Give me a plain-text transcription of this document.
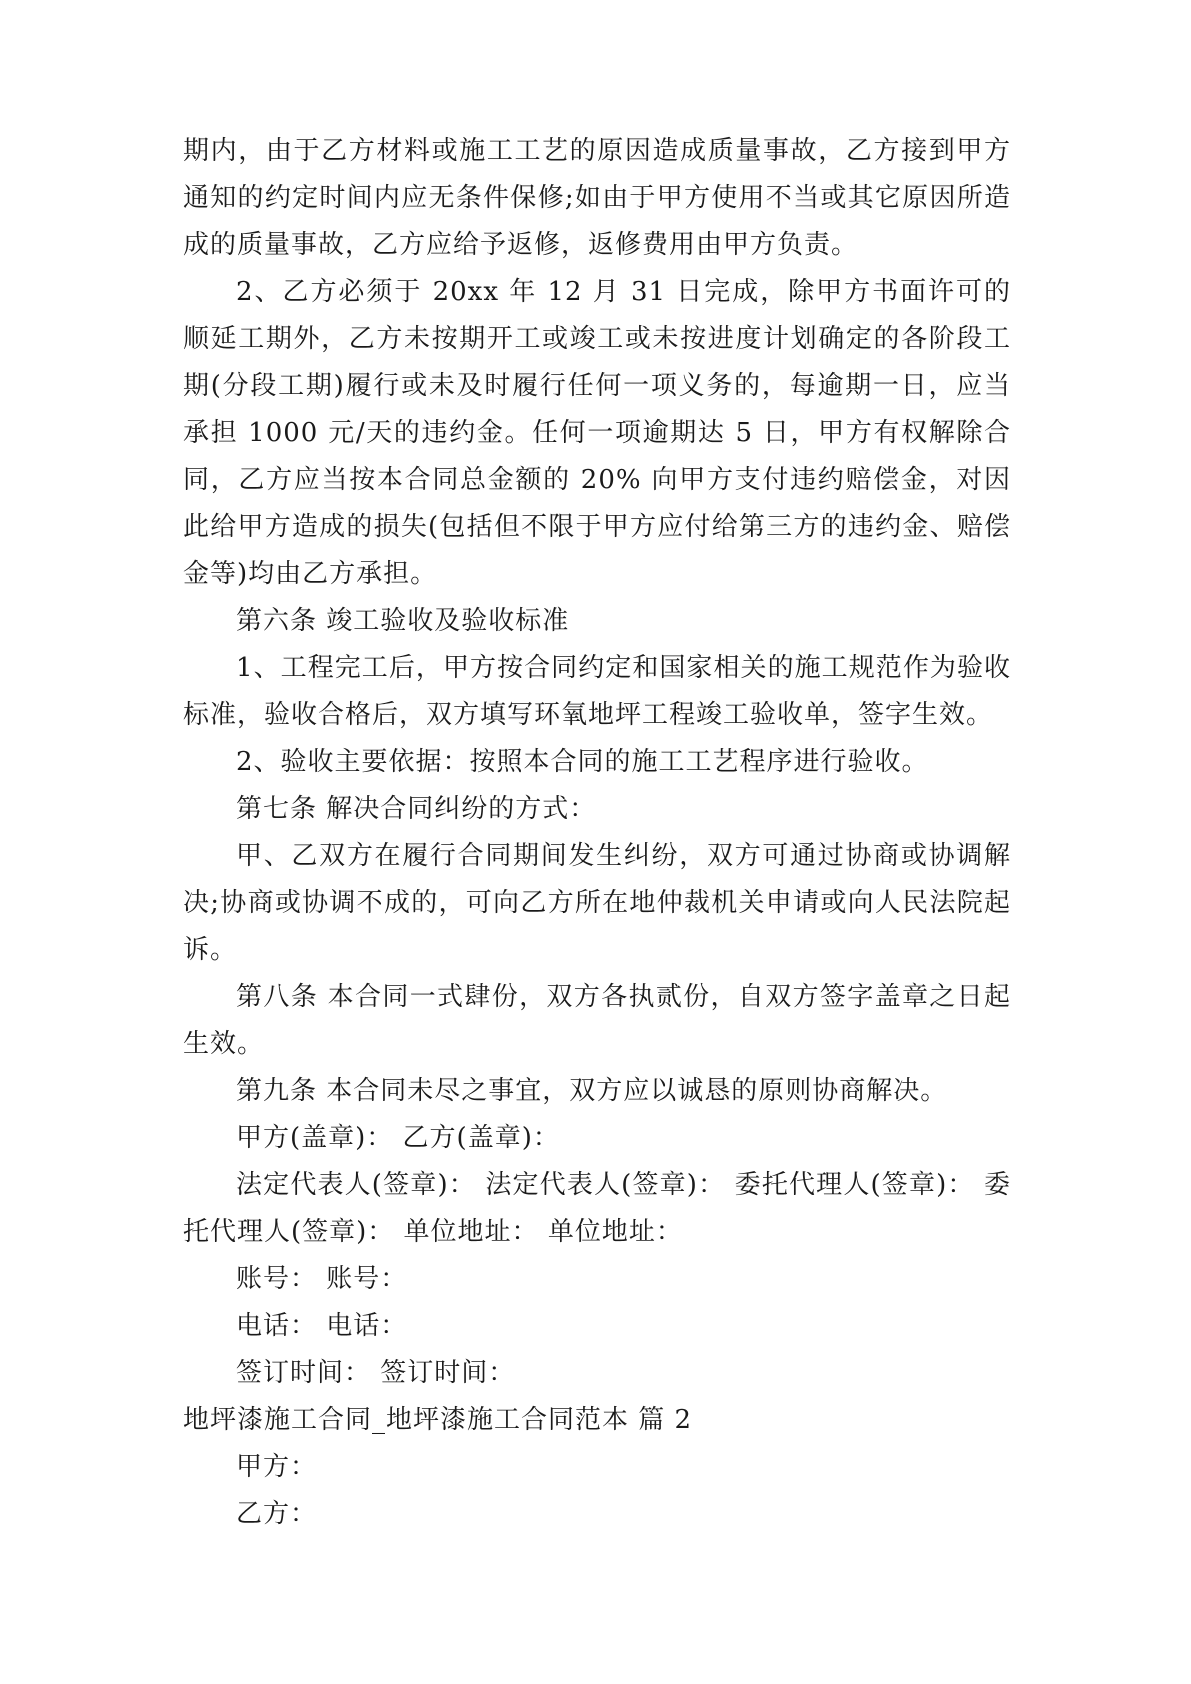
期内，由于乙方材料或施工工艺的原因造成质量事故，乙方接到甲方通知的约定时间内应无条件保修;如由于甲方使用不当或其它原因所造成的质量事故，乙方应给予返修，返修费用由甲方负责。

2、乙方必须于 20xx 年 12 月 31 日完成，除甲方书面许可的顺延工期外，乙方未按期开工或竣工或未按进度计划确定的各阶段工期(分段工期)履行或未及时履行任何一项义务的，每逾期一日，应当承担 1000 元/天的违约金。任何一项逾期达 5 日，甲方有权解除合同，乙方应当按本合同总金额的 20% 向甲方支付违约赔偿金，对因此给甲方造成的损失(包括但不限于甲方应付给第三方的违约金、赔偿金等)均由乙方承担。

第六条 竣工验收及验收标准

1、工程完工后，甲方按合同约定和国家相关的施工规范作为验收标准，验收合格后，双方填写环氧地坪工程竣工验收单，签字生效。

2、验收主要依据：按照本合同的施工工艺程序进行验收。

第七条 解决合同纠纷的方式：

甲、乙双方在履行合同期间发生纠纷，双方可通过协商或协调解决;协商或协调不成的，可向乙方所在地仲裁机关申请或向人民法院起诉。

第八条 本合同一式肆份，双方各执贰份，自双方签字盖章之日起生效。

第九条 本合同未尽之事宜，双方应以诚恳的原则协商解决。

甲方(盖章)： 乙方(盖章)：

法定代表人(签章)： 法定代表人(签章)： 委托代理人(签章)： 委托代理人(签章)： 单位地址： 单位地址：

账号： 账号：

电话： 电话：

签订时间： 签订时间：

地坪漆施工合同_地坪漆施工合同范本 篇 2

甲方：

乙方：
